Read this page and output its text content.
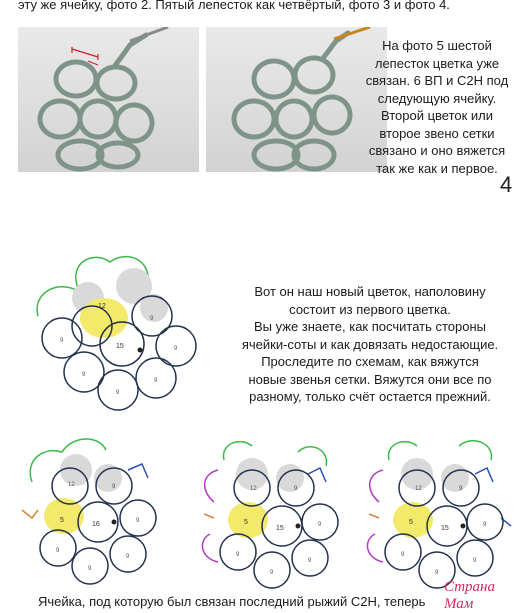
эту же ячейку, фото 2. Пятый лепесток как четвёртый, фото 3 и фото 4.
На фото 5 шестой
лепесток цветка уже
связан. 6 ВП и С2Н под
следующую ячейку.
Второй цветок или
второе звено сетки
связано и оно вяжется
так же как и первое.
4
Вот он наш новый цветок, наполовину
состоит из первого цветка.
Вы уже знаете, как посчитать стороны
ячейки-соты и как довязать недостающие.
Проследите по схемам, как вяжутся
новые звенья сетки. Вяжутся они все по
разному, только счёт остается прежний.
12
15	9
9
9
9
9
9
5
16
12	9
9
9
9
9
5
15
12	9
9
9
9
9
5
15
12	9
9
9
9
9
Ячейка, под которую был связан последний рыжий С2Н, теперь
Страна Мам
